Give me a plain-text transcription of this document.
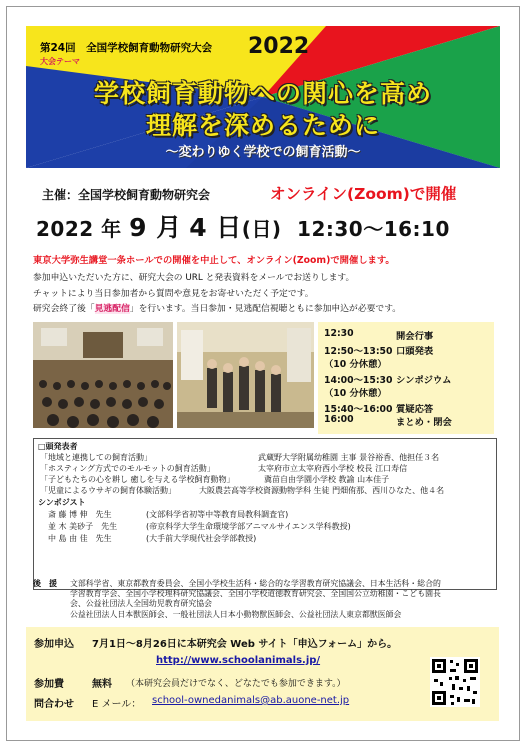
第24回　全国学校飼育動物研究大会 2022
大会テーマ
学校飼育動物への関心を高め
理解を深めるために
～変わりゆく学校での飼育活動～
主催：全国学校飼育動物研究会	オンライン(Zoom)で開催
2022 年 9 月 4 日(日) 12:30～16:10
東京大学弥生講堂一条ホールでの開催を中止して、オンライン(Zoom)で開催します。
参加申込いただいた方に、研究大会の URL と発表資料をメールでお送りします。
チャットにより当日参加者から質問や意見をお寄せいただく予定です。
研究会終了後「見逃配信」を行います。当日参加・見逃配信視聴ともに参加申込が必要です。
12:30	開会行事
12:50～13:50 口頭発表
（10 分休憩）
14:00～15:30 シンポジウム
（10 分休憩）
15:40～16:00 質疑応答
16:00	まとめ・閉会
□頭発表者
「地域と連携しての飼育活動」	武蔵野大学附属幼稚園 主事 景谷裕香、他担任３名
「ホスティング方式でのモルモットの飼育活動」	太宰府市立太宰府西小学校 校長 江口寿信
「子どもたちの心を耕し 癒しを与える学校飼育動物」	冀苗自由学園小学校 教諭 山本佳子
「児童によるウサギの飼育体験活動」	大阪農芸高等学校資源動物学科 生徒 門畑侑那、西川ひなた、他４名
シンポジスト
斎 藤 博 伸　先生	(文部科学省初等中等教育局教科調査官)
並 木 美砂子　先生	(帝京科学大学生命環境学部アニマルサイエンス学科教授)
中 島 由 佳　先生	(大手前大学現代社会学部教授)
後　援 文部科学省、東京都教育委員会、全国小学校生活科・総合的な学習教育研究協議会、日本生活科・総合的
学習教育学会、全国小学校理科研究協議会、全国小学校道徳教育研究会、全国国公立幼稚園・こども園長
会、公益社団法人全国幼児教育研究協会
公益社団法人日本獣医師会、一般社団法人日本小動物獣医師会、公益社団法人東京都獣医師会
参加申込 7月1日～8月26日に本研究会 Web サイト「申込フォーム」から。
http://www.schoolanimals.jp/
参加費	無料 （本研究会員だけでなく、どなたでも参加できます。）
問合わせ E メール： school-ownedanimals@ab.auone-net.jp
